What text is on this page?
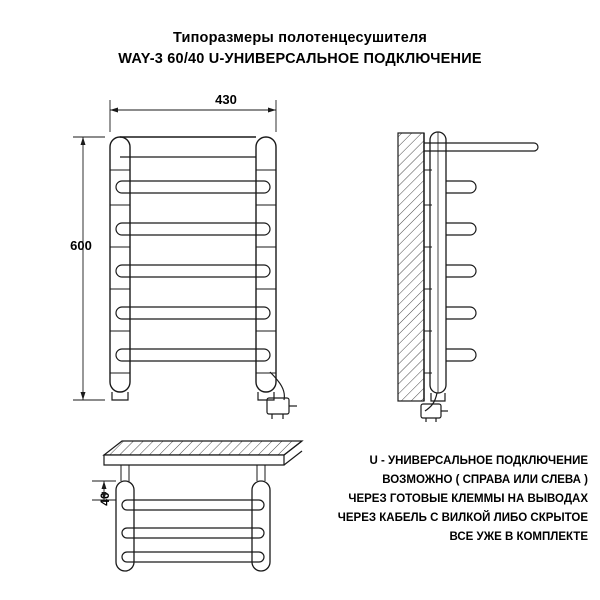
Типоразмеры полотенцесушителя
WAY-3 60/40 U-УНИВЕРСАЛЬНОЕ ПОДКЛЮЧЕНИЕ
430
600
40
U - УНИВЕРСАЛЬНОЕ ПОДКЛЮЧЕНИЕ
ВОЗМОЖНО ( СПРАВА ИЛИ СЛЕВА )
ЧЕРЕЗ ГОТОВЫЕ КЛЕММЫ НА ВЫВОДАХ
ЧЕРЕЗ КАБЕЛЬ С ВИЛКОЙ ЛИБО СКРЫТОЕ
ВСЕ УЖЕ В КОМПЛЕКТЕ
